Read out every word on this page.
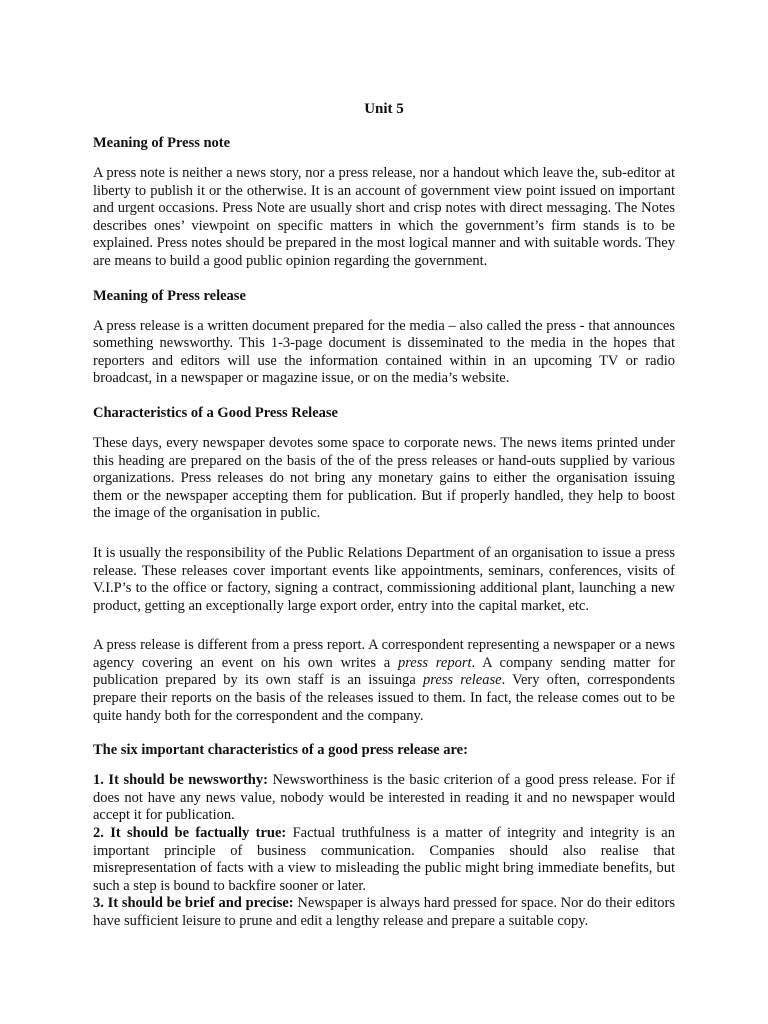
Unit 5
Meaning of Press note

A press note is neither a news story, nor a press release, nor a handout which leave the, sub-editor at liberty to publish it or the otherwise. It is an account of government view point issued on important and urgent occasions. Press Note are usually short and crisp notes with direct messaging. The Notes describes ones’ viewpoint on specific matters in which the government’s firm stands is to be explained. Press notes should be prepared in the most logical manner and with suitable words. They are means to build a good public opinion regarding the government.

Meaning of Press release

A press release is a written document prepared for the media – also called the press - that announces something newsworthy. This 1-3-page document is disseminated to the media in the hopes that reporters and editors will use the information contained within in an upcoming TV or radio broadcast, in a newspaper or magazine issue, or on the media’s website.

Characteristics of a Good Press Release

These days, every newspaper devotes some space to corporate news. The news items printed under this heading are prepared on the basis of the of the press releases or hand-outs supplied by various organizations. Press releases do not bring any monetary gains to either the organisation issuing them or the newspaper accepting them for publication. But if properly handled, they help to boost the image of the organisation in public.

It is usually the responsibility of the Public Relations Department of an organisation to issue a press release. These releases cover important events like appointments, seminars, conferences, visits of V.I.P’s to the office or factory, signing a contract, commissioning additional plant, launching a new product, getting an exceptionally large export order, entry into the capital market, etc.

A press release is different from a press report. A correspondent representing a newspaper or a news agency covering an event on his own writes a press report. A company sending matter for publication prepared by its own staff is an issuinga press release. Very often, correspondents prepare their reports on the basis of the releases issued to them. In fact, the release comes out to be quite handy both for the correspondent and the company.

The six important characteristics of a good press release are:

1. It should be newsworthy: Newsworthiness is the basic criterion of a good press release. For if does not have any news value, nobody would be interested in reading it and no newspaper would accept it for publication.

2. It should be factually true: Factual truthfulness is a matter of integrity and integrity is an important principle of business communication. Companies should also realise that misrepresentation of facts with a view to misleading the public might bring immediate benefits, but such a step is bound to backfire sooner or later.

3. It should be brief and precise: Newspaper is always hard pressed for space. Nor do their editors have sufficient leisure to prune and edit a lengthy release and prepare a suitable copy.
